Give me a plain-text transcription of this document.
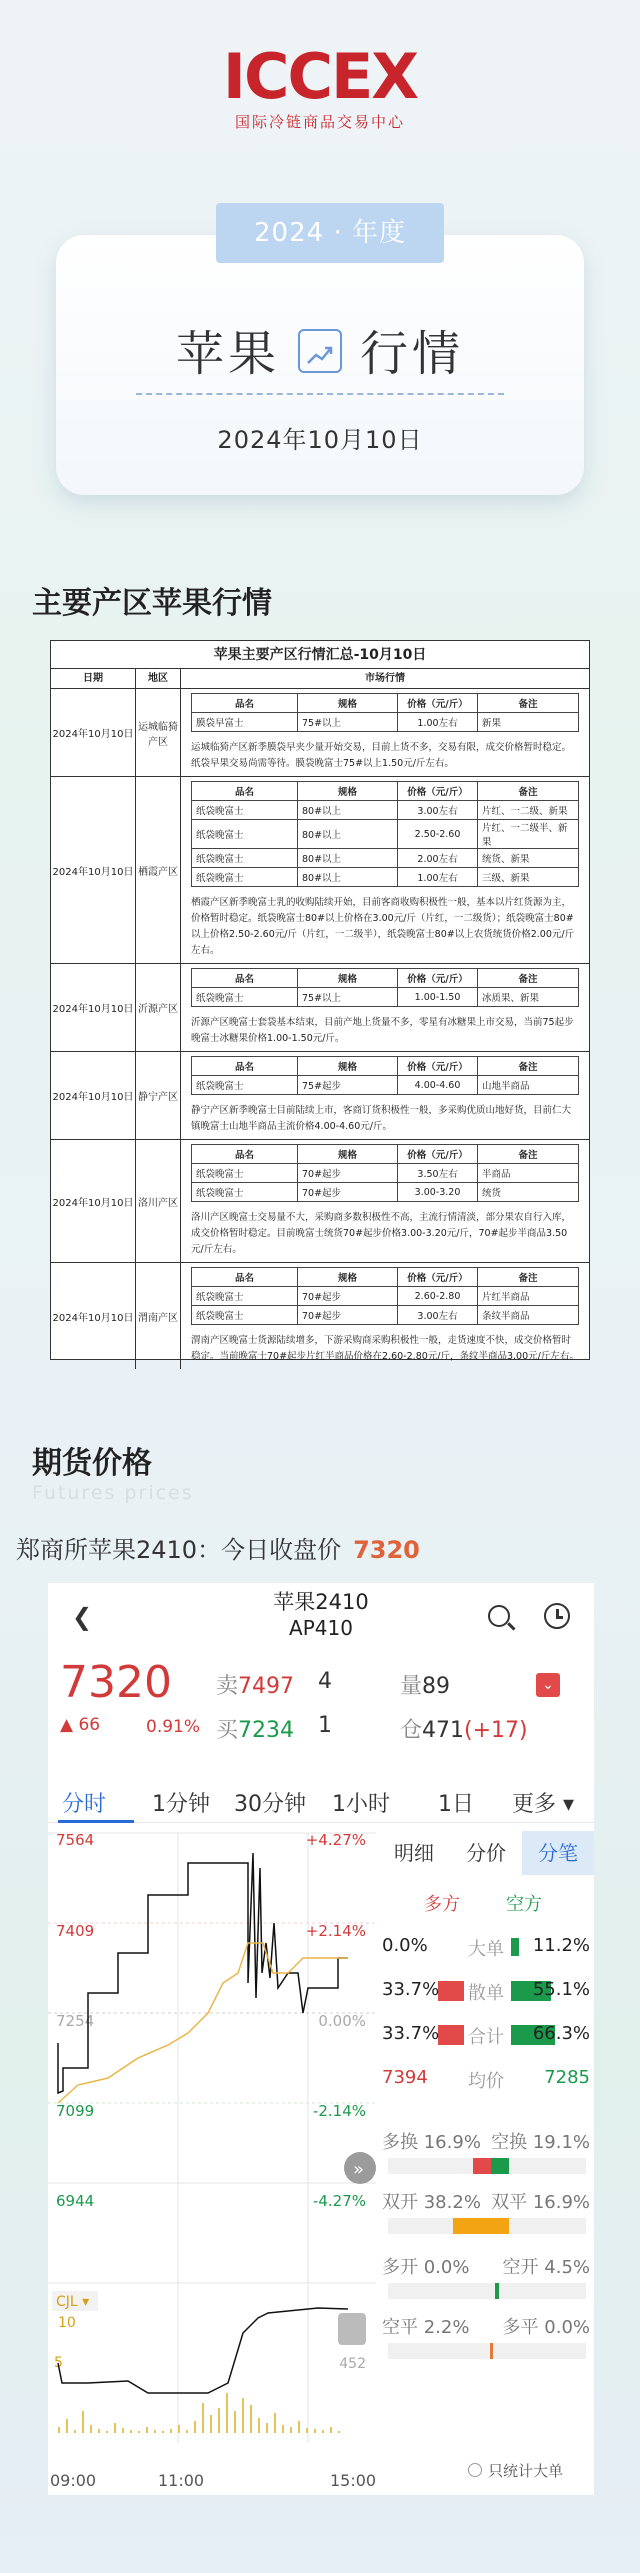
ICCEX
国际冷链商品交易中心
苹果 行情
2024年10月10日
2024 · 年度
主要产区苹果行情
苹果主要产区行情汇总-10月10日
日期	地区	市场行情
2024年10月10日
运城临猗产区
品名	规格	价格（元/斤）	备注
膜袋早富士	75#以上	1.00左右	新果
运城临猗产区新季膜袋早夹少量开始交易，目前上货不多，交易有限，成交价格暂时稳定。纸袋早果交易尚需等待。膜袋晚富士75#以上1.50元/斤左右。
2024年10月10日 栖霞产区
品名	规格	价格（元/斤）	备注
纸袋晚富士	80#以上	3.00左右	片红、一二级、新果
纸袋晚富士	80#以上	2.50-2.60	片红、一二级半、新果
纸袋晚富士	80#以上	2.00左右	统货、新果
纸袋晚富士	80#以上	1.00左右	三级、新果
栖霞产区新季晚富士乳的收购陆续开始，目前客商收购积极性一般，基本以片红货源为主，价格暂时稳定。纸袋晚富士80#以上价格在3.00元/斤（片红，一二级货）；纸袋晚富士80#以上价格2.50-2.60元/斤（片红，一二级半），纸袋晚富士80#以上农货统货价格2.00元/斤左右。
2024年10月10日 沂源产区
品名	规格	价格（元/斤）	备注
纸袋晚富士	75#以上	1.00-1.50	冰质果、新果
沂源产区晚富士套袋基本结束，目前产地上货量不多，零星有冰糖果上市交易，当前75起步晚富士冰糖果价格1.00-1.50元/斤。
2024年10月10日 静宁产区
品名	规格	价格（元/斤）	备注
纸袋晚富士	75#起步	4.00-4.60	山地半商品
静宁产区新季晚富士目前陆续上市，客商订货积极性一般，多采购优质山地好货，目前仁大镇晚富士山地半商品主流价格4.00-4.60元/斤。
2024年10月10日 洛川产区
品名	规格	价格（元/斤）	备注
纸袋晚富士	70#起步	3.50左右	半商品
纸袋晚富士	70#起步	3.00-3.20	统货
洛川产区晚富士交易量不大，采购商多数积极性不高，主流行情清淡，部分果农自行入库，成交价格暂时稳定。目前晚富士统货70#起步价格3.00-3.20元/斤，70#起步半商品3.50元/斤左右。
2024年10月10日 渭南产区
品名	规格	价格（元/斤）	备注
纸袋晚富士	70#起步	2.60-2.80	片红半商品
纸袋晚富士	70#起步	3.00左右	条纹半商品
渭南产区晚富士货源陆续增多，下游采购商采购积极性一般，走货速度不快，成交价格暂时稳定。当前晚富士70#起步片红半商品价格在2.60-2.80元/斤，条纹半商品3.00元/斤左右。
期货价格
Futures prices
郑商所苹果2410：今日收盘价 7320
❮
苹果2410
AP410
7320
▲ 66	0.91%
卖7497 4
买7234 1
量89
仓471(+17)
⌄
分时 1分钟 30分钟 1小时 1日 更多 ▾
7564
7409
7254
7099
6944
+4.27%
+2.14%
0.00%
-2.14%
-4.27%
»
CJL ▾
10
5	452
09:00	11:00	15:00
明细	分价	分笔
多方	空方
0.0% 大单 11.2%
33.7% 散单 55.1%
33.7% 合计 66.3%
7394 均价 7285
多换 16.9% 空换 19.1%
双开 38.2% 双平 16.9%
多开 0.0% 空开 4.5%
空平 2.2% 多平 0.0%
只统计大单
